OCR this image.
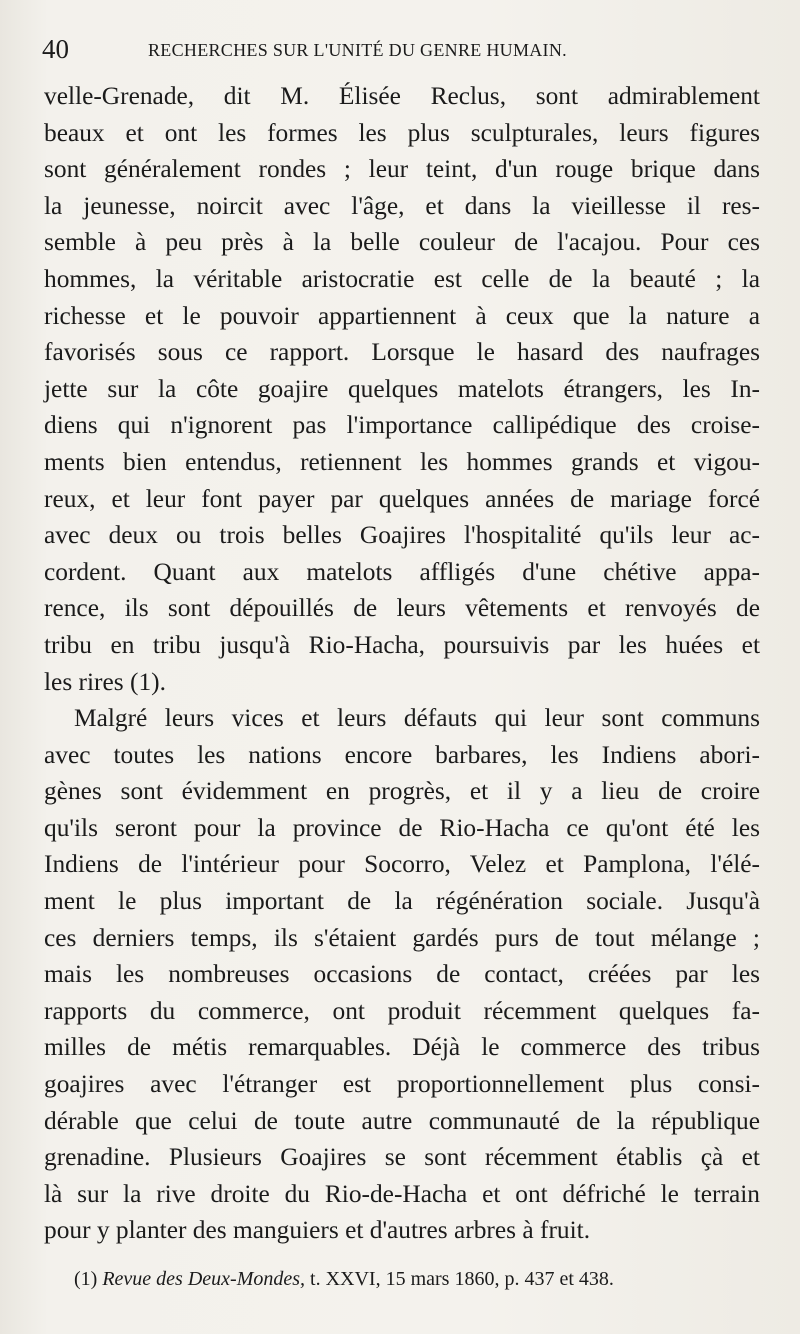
40	RECHERCHES SUR L'UNITÉ DU GENRE HUMAIN.
velle-Grenade, dit M. Élisée Reclus, sont admirablement
beaux et ont les formes les plus sculpturales, leurs figures
sont généralement rondes ; leur teint, d'un rouge brique dans
la jeunesse, noircit avec l'âge, et dans la vieillesse il res-
semble à peu près à la belle couleur de l'acajou. Pour ces
hommes, la véritable aristocratie est celle de la beauté ; la
richesse et le pouvoir appartiennent à ceux que la nature a
favorisés sous ce rapport. Lorsque le hasard des naufrages
jette sur la côte goajire quelques matelots étrangers, les In-
diens qui n'ignorent pas l'importance callipédique des croise-
ments bien entendus, retiennent les hommes grands et vigou-
reux, et leur font payer par quelques années de mariage forcé
avec deux ou trois belles Goajires l'hospitalité qu'ils leur ac-
cordent. Quant aux matelots affligés d'une chétive appa-
rence, ils sont dépouillés de leurs vêtements et renvoyés de
tribu en tribu jusqu'à Rio-Hacha, poursuivis par les huées et
les rires (1).
Malgré leurs vices et leurs défauts qui leur sont communs
avec toutes les nations encore barbares, les Indiens abori-
gènes sont évidemment en progrès, et il y a lieu de croire
qu'ils seront pour la province de Rio-Hacha ce qu'ont été les
Indiens de l'intérieur pour Socorro, Velez et Pamplona, l'élé-
ment le plus important de la régénération sociale. Jusqu'à
ces derniers temps, ils s'étaient gardés purs de tout mélange ;
mais les nombreuses occasions de contact, créées par les
rapports du commerce, ont produit récemment quelques fa-
milles de métis remarquables. Déjà le commerce des tribus
goajires avec l'étranger est proportionnellement plus consi-
dérable que celui de toute autre communauté de la république
grenadine. Plusieurs Goajires se sont récemment établis çà et
là sur la rive droite du Rio-de-Hacha et ont défriché le terrain
pour y planter des manguiers et d'autres arbres à fruit.
(1) Revue des Deux-Mondes, t. XXVI, 15 mars 1860, p. 437 et 438.
